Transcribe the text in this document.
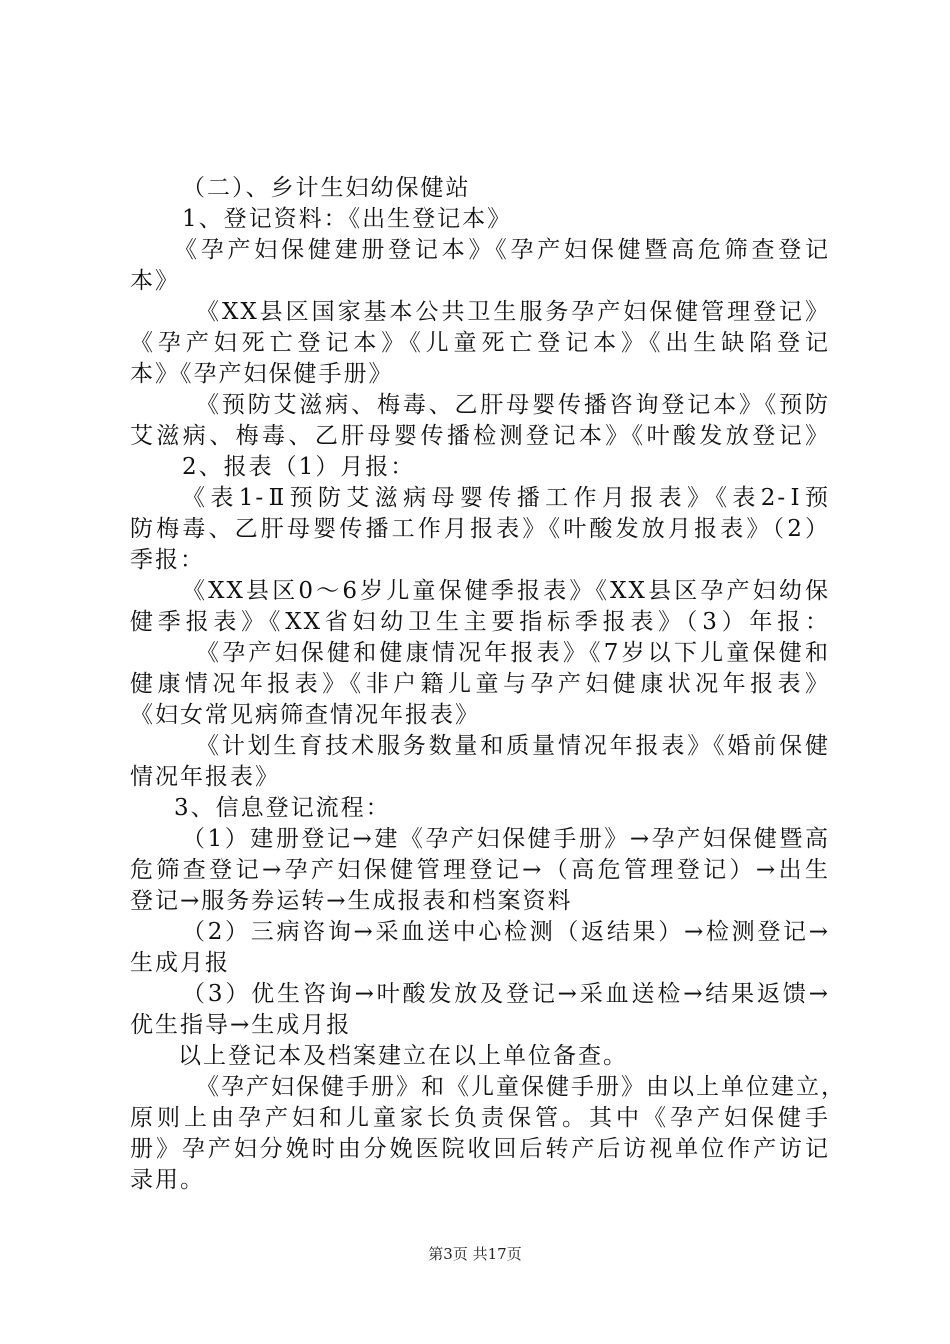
（二）、乡计生妇幼保健站
1、登记资料：《出生登记本》
《孕产妇保健建册登记本》《孕产妇保健暨高危筛查登记
本》
《XX县区国家基本公共卫生服务孕产妇保健管理登记》
《孕产妇死亡登记本》《儿童死亡登记本》《出生缺陷登记
本》《孕产妇保健手册》
《预防艾滋病、梅毒、乙肝母婴传播咨询登记本》《预防
艾滋病、梅毒、乙肝母婴传播检测登记本》《叶酸发放登记》
2、报表（1）月报：
《表1-Ⅱ预防艾滋病母婴传播工作月报表》《表2-Ⅰ预
防梅毒、乙肝母婴传播工作月报表》《叶酸发放月报表》（2）
季报：
《XX县区0～6岁儿童保健季报表》《XX县区孕产妇幼保
健季报表》《XX省妇幼卫生主要指标季报表》（3）年报：
《孕产妇保健和健康情况年报表》《7岁以下儿童保健和
健康情况年报表》《非户籍儿童与孕产妇健康状况年报表》
《妇女常见病筛查情况年报表》
《计划生育技术服务数量和质量情况年报表》《婚前保健
情况年报表》
3、信息登记流程：
（1）建册登记→建《孕产妇保健手册》→孕产妇保健暨高
危筛查登记→孕产妇保健管理登记→（高危管理登记）→出生
登记→服务券运转→生成报表和档案资料
（2）三病咨询→采血送中心检测（返结果）→检测登记→
生成月报
（3）优生咨询→叶酸发放及登记→采血送检→结果返馈→
优生指导→生成月报
以上登记本及档案建立在以上单位备查。
《孕产妇保健手册》和《儿童保健手册》由以上单位建立，
原则上由孕产妇和儿童家长负责保管。其中《孕产妇保健手
册》孕产妇分娩时由分娩医院收回后转产后访视单位作产访记
录用。
第3页 共17页
